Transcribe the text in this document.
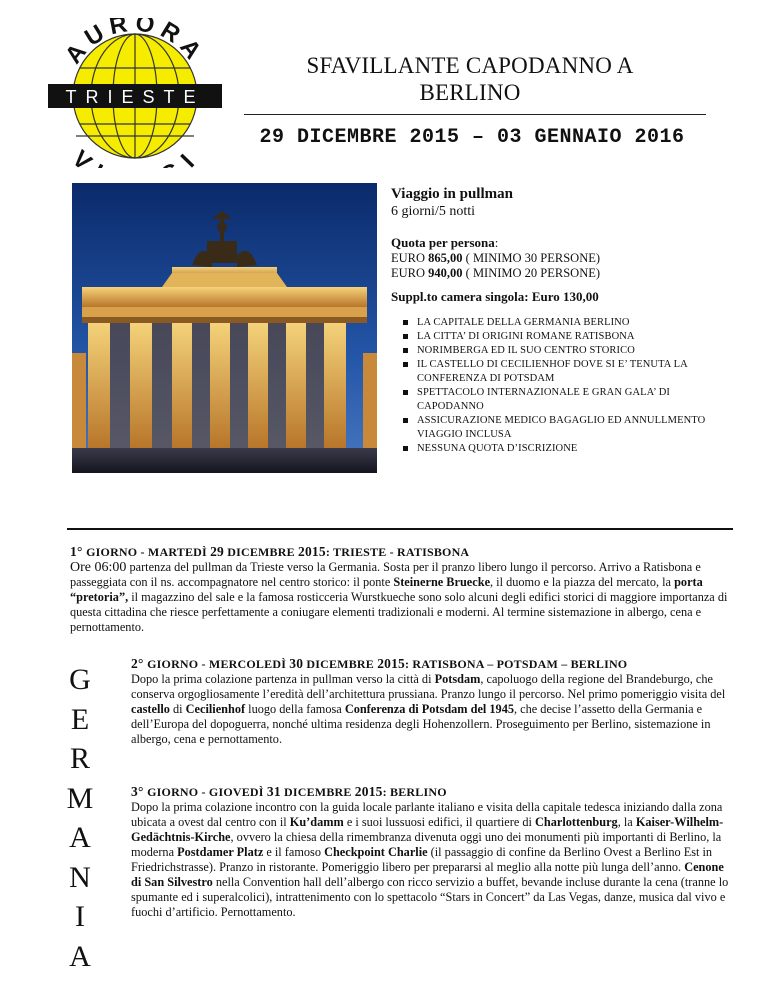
AURORA
TRIESTE
V I
SFAVILLANTE CAPODANNO A
BERLINO
29 DICEMBRE 2015 – 03 GENNAIO 2016
Viaggio in pullman
6 giorni/5 notti
Quota per persona:
EURO 865,00 ( MINIMO 30 PERSONE)
EURO 940,00 ( MINIMO 20 PERSONE)
Suppl.to camera singola: Euro 130,00
LA CAPITALE DELLA GERMANIA BERLINO
LA CITTA’ DI ORIGINI ROMANE RATISBONA
NORIMBERGA ED IL SUO CENTRO STORICO
IL CASTELLO DI CECILIENHOF DOVE SI E’ TENUTA LA CONFERENZA DI POTSDAM
SPETTACOLO INTERNAZIONALE E GRAN GALA’ DI CAPODANNO
ASSICURAZIONE MEDICO BAGAGLIO ED ANNULLMENTO VIAGGIO INCLUSA
NESSUNA QUOTA D’ISCRIZIONE
1° GIORNO - MARTEDÌ 29 DICEMBRE 2015: TRIESTE - RATISBONA
Ore 06:00 partenza del pullman da Trieste verso la Germania. Sosta per il pranzo libero lungo il percorso. Arrivo a Ratisbona e passeggiata con il ns. accompagnatore nel centro storico: il ponte Steinerne Bruecke, il duomo e la piazza del mercato, la porta “pretoria”, il magazzino del sale e la famosa rosticceria Wurstkueche sono solo alcuni degli edifici storici di maggiore importanza di questa cittadina che riesce perfettamente a coniugare elementi tradizionali e moderni. Al termine sistemazione in albergo, cena e pernottamento.
G
E
R
M
A
N
I
A
2° GIORNO - MERCOLEDÌ 30 DICEMBRE 2015: RATISBONA – POTSDAM – BERLINO
Dopo la prima colazione partenza in pullman verso la città di Potsdam, capoluogo della regione del Brandeburgo, che conserva orgogliosamente l’eredità dell’architettura prussiana. Pranzo lungo il percorso. Nel primo pomeriggio visita del castello di Cecilienhof luogo della famosa Conferenza di Potsdam del 1945, che decise l’assetto della Germania e dell’Europa del dopoguerra, nonché ultima residenza degli Hohenzollern. Proseguimento per Berlino, sistemazione in albergo, cena e pernottamento.
3° GIORNO - GIOVEDÌ 31 DICEMBRE 2015: BERLINO
Dopo la prima colazione incontro con la guida locale parlante italiano e visita della capitale tedesca iniziando dalla zona ubicata a ovest dal centro con il Ku’damm e i suoi lussuosi edifici, il quartiere di Charlottenburg, la Kaiser-Wilhelm-Gedächtnis-Kirche, ovvero la chiesa della rimembranza divenuta oggi uno dei monumenti più importanti di Berlino, la moderna Postdamer Platz e il famoso Checkpoint Charlie (il passaggio di confine da Berlino Ovest a Berlino Est in Friedrichstrasse). Pranzo in ristorante. Pomeriggio libero per prepararsi al meglio alla notte più lunga dell’anno. Cenone di San Silvestro nella Convention hall dell’albergo con ricco servizio a buffet, bevande incluse durante la cena (tranne lo spumante ed i superalcolici), intrattenimento con lo spettacolo “Stars in Concert” da Las Vegas, danze, musica dal vivo e fuochi d’artificio. Pernottamento.
